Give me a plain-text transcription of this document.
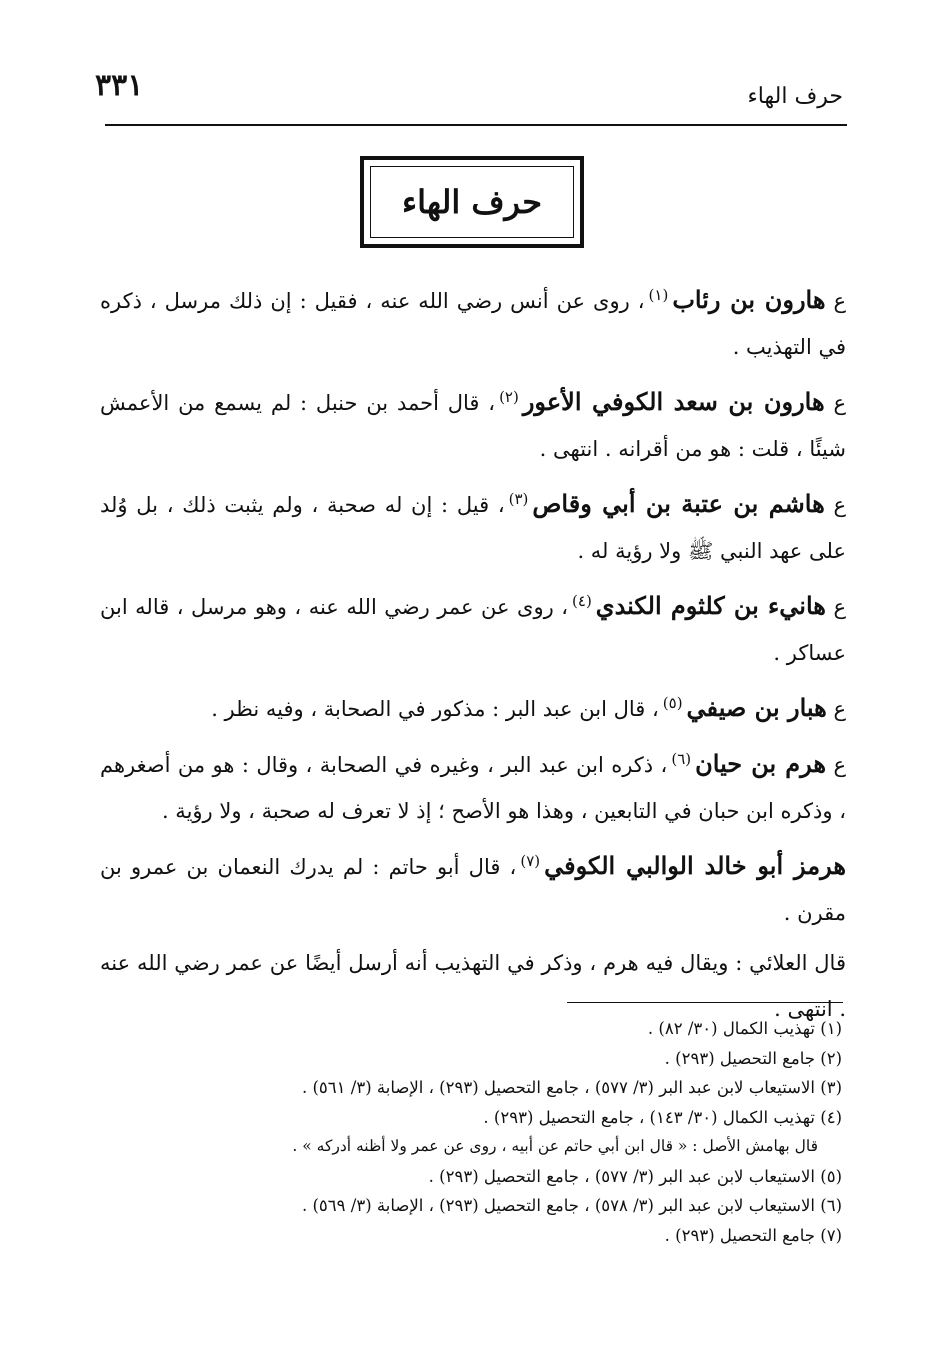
٣٣١	حرف الهاء
حرف الهاء

ع هارون بن رئاب$^{(١)}$، روى عن أنس رضي الله عنه ، فقيل : إن ذلك مرسل ، ذكره في التهذيب .

ع هارون بن سعد الكوفي الأعور$^{(٢)}$، قال أحمد بن حنبل : لم يسمع من الأعمش شيئًا ، قلت : هو من أقرانه . انتهى .

ع هاشم بن عتبة بن أبي وقاص$^{(٣)}$، قيل : إن له صحبة ، ولم يثبت ذلك ، بل وُلد على عهد النبي ﷺ ولا رؤية له .

ع هانيء بن كلثوم الكندي$^{(٤)}$، روى عن عمر رضي الله عنه ، وهو مرسل ، قاله ابن عساكر .

ع هبار بن صيفي$^{(٥)}$، قال ابن عبد البر : مذكور في الصحابة ، وفيه نظر .

ع هرم بن حيان$^{(٦)}$، ذكره ابن عبد البر ، وغيره في الصحابة ، وقال : هو من أصغرهم ، وذكره ابن حبان في التابعين ، وهذا هو الأصح ؛ إذ لا تعرف له صحبة ، ولا رؤية .

هرمز أبو خالد الوالبي الكوفي$^{(٧)}$، قال أبو حاتم : لم يدرك النعمان بن عمرو بن مقرن .

قال العلائي : ويقال فيه هرم ، وذكر في التهذيب أنه أرسل أيضًا عن عمر رضي الله عنه . انتهى .

(١) تهذيب الكمال (٣٠/ ٨٢) .
(٢) جامع التحصيل (٢٩٣) .
(٣) الاستيعاب لابن عبد البر (٣/ ٥٧٧) ، جامع التحصيل (٢٩٣) ، الإصابة (٣/ ٥٦١) .
(٤) تهذيب الكمال (٣٠/ ١٤٣) ، جامع التحصيل (٢٩٣) .
قال بهامش الأصل : « قال ابن أبي حاتم عن أبيه ، روى عن عمر ولا أظنه أدركه » .
(٥) الاستيعاب لابن عبد البر (٣/ ٥٧٧) ، جامع التحصيل (٢٩٣) .
(٦) الاستيعاب لابن عبد البر (٣/ ٥٧٨) ، جامع التحصيل (٢٩٣) ، الإصابة (٣/ ٥٦٩) .
(٧) جامع التحصيل (٢٩٣) .
